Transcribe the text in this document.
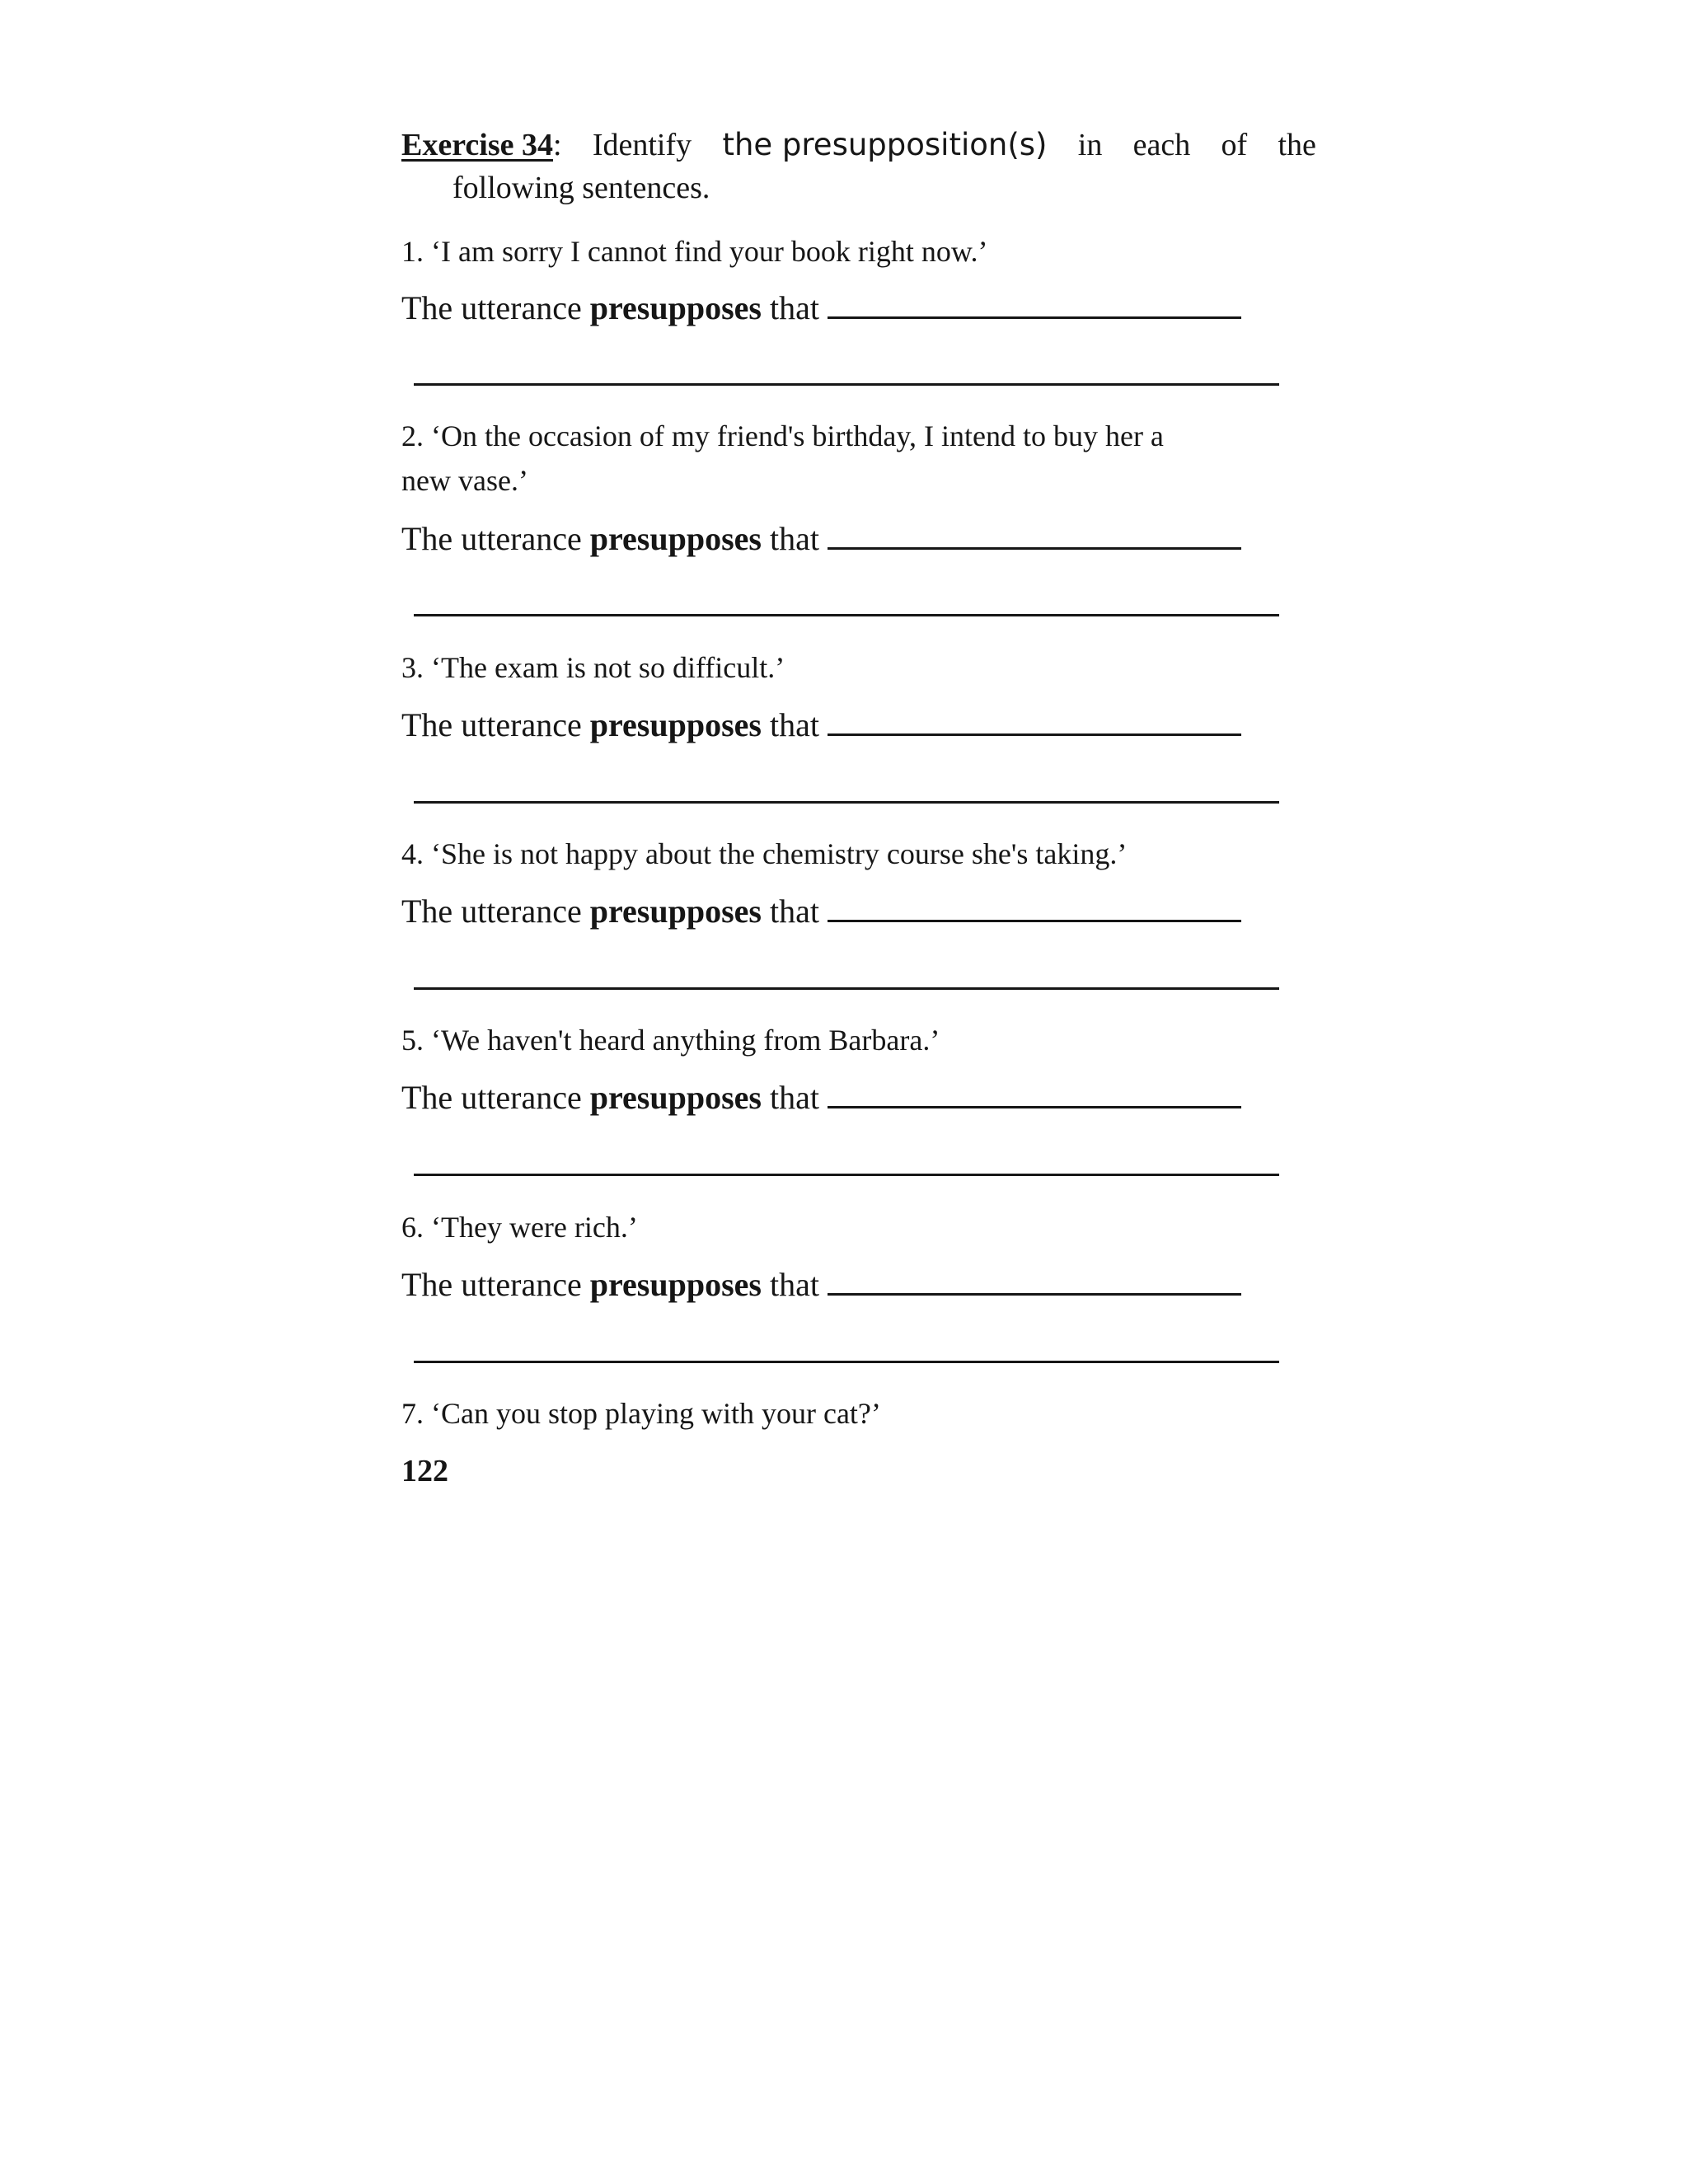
Exercise 34: Identify the presupposition(s) in each of the
following sentences.
1. ‘I am sorry I cannot find your book right now.’
The utterance presupposes that
2. ‘On the occasion of my friend's birthday, I intend to buy her a
new vase.’
The utterance presupposes that
3. ‘The exam is not so difficult.’
The utterance presupposes that
4. ‘She is not happy about the chemistry course she's taking.’
The utterance presupposes that
5. ‘We haven't heard anything from Barbara.’
The utterance presupposes that
6. ‘They were rich.’
The utterance presupposes that
7. ‘Can you stop playing with your cat?’
122
